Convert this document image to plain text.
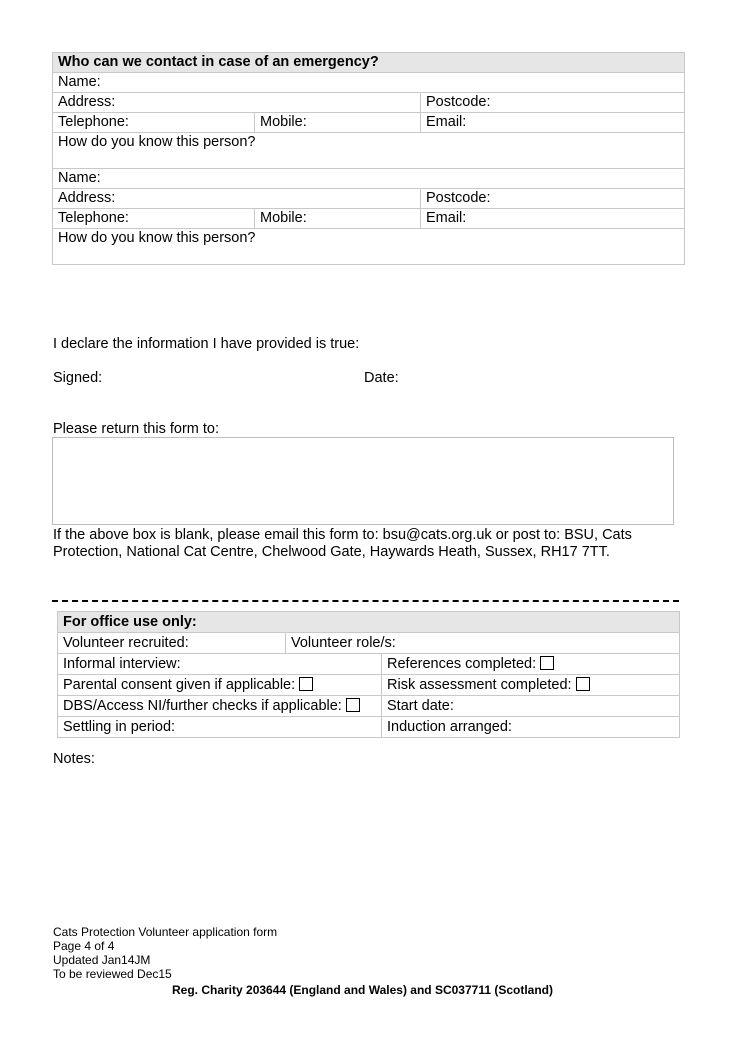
Who can we contact in case of an emergency?		
Name:		
Address:		Postcode:
Telephone:	Mobile:	Email:
How do you know this person?		
Name:		
Address:		Postcode:
Telephone:	Mobile:	Email:
How do you know this person?		
I declare the information I have provided is true:
Signed:	Date:
Please return this form to:
If the above box is blank, please email this form to: bsu@cats.org.uk or post to: BSU, Cats
Protection, National Cat Centre, Chelwood Gate, Haywards Heath, Sussex, RH17 7TT.
For office use only:		
Volunteer recruited:	Volunteer role/s:	
Informal interview:		References completed:
Parental consent given if applicable:		Risk assessment completed:
DBS/Access NI/further checks if applicable:		Start date:
Settling in period:		Induction arranged:
Notes:
Cats Protection Volunteer application form
Page 4 of 4
Updated Jan14JM
To be reviewed Dec15
Reg. Charity 203644 (England and Wales) and SC037711 (Scotland)
